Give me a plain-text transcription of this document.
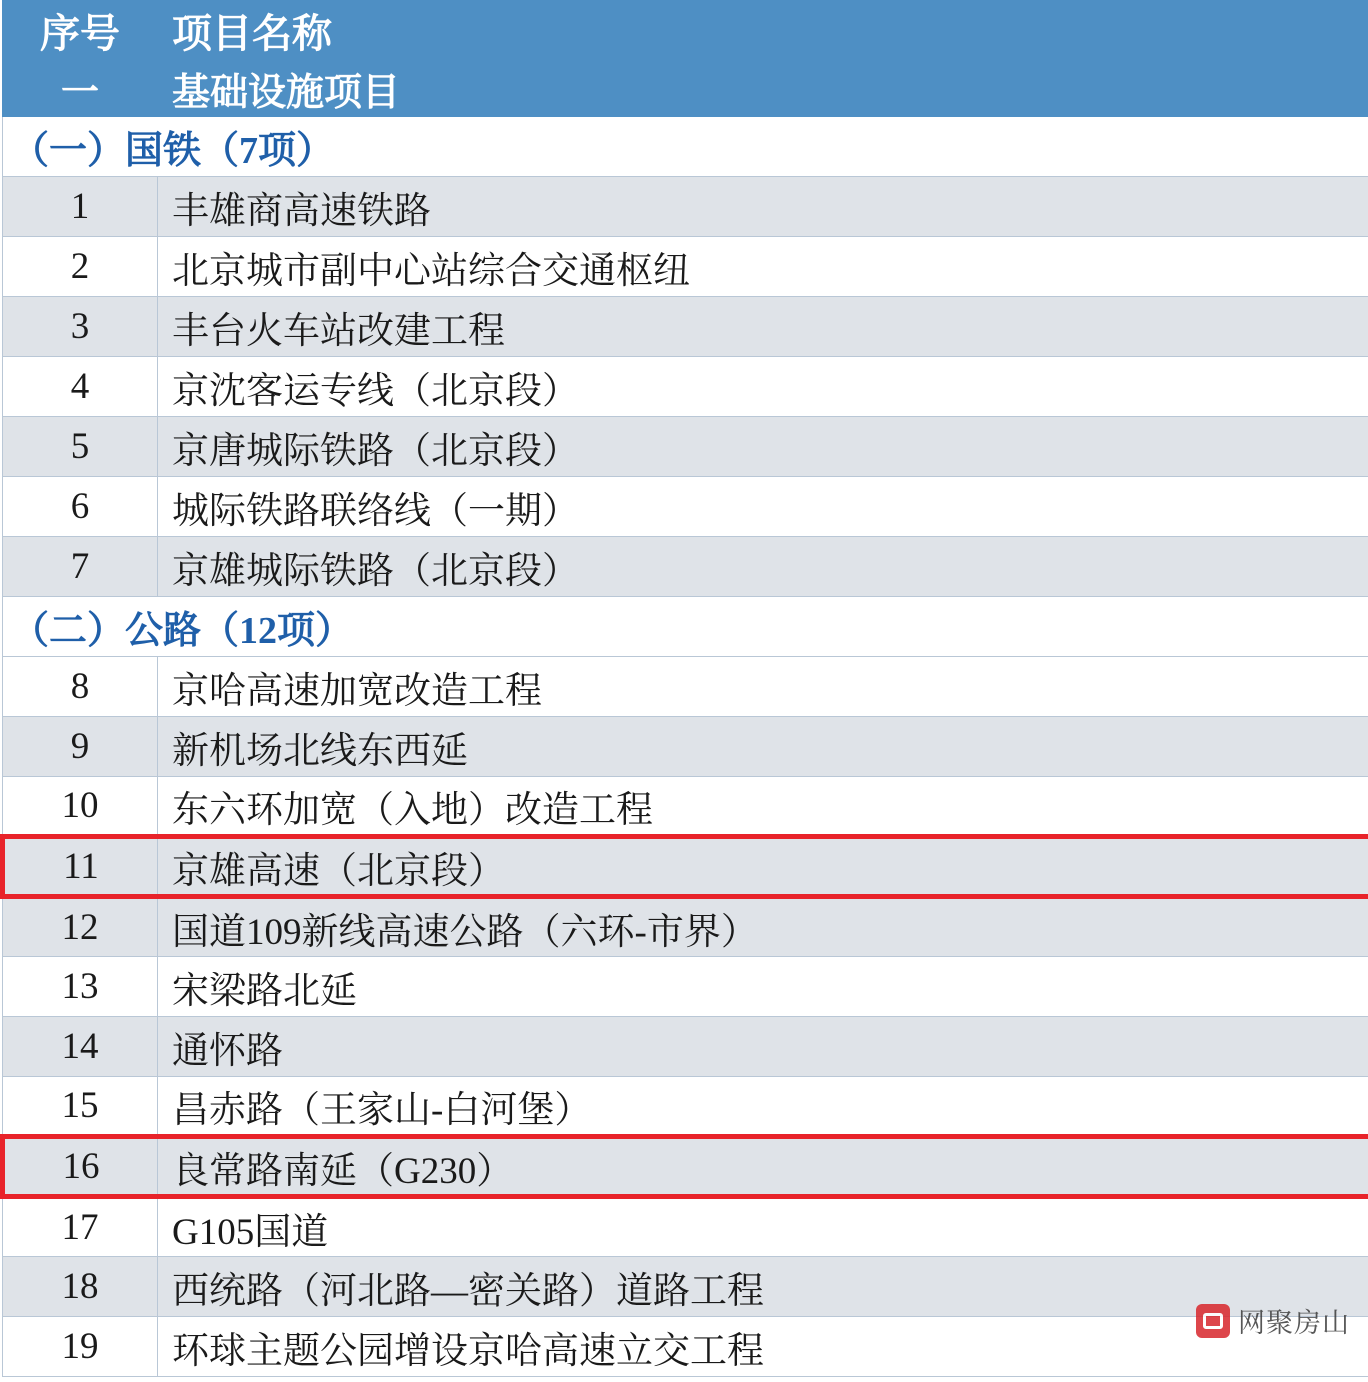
序号	项目名称
一	基础设施项目
（一）国铁（7项）	
1	丰雄商高速铁路
2	北京城市副中心站综合交通枢纽
3	丰台火车站改建工程
4	京沈客运专线（北京段）
5	京唐城际铁路（北京段）
6	城际铁路联络线（一期）
7	京雄城际铁路（北京段）
（二）公路（12项）	
8	京哈高速加宽改造工程
9	新机场北线东西延
10	东六环加宽（入地）改造工程
11	京雄高速（北京段）
12	国道109新线高速公路（六环-市界）
13	宋梁路北延
14	通怀路
15	昌赤路（王家山-白河堡）
16	良常路南延（G230）
17	G105国道
18	西统路（河北路—密关路）道路工程
19	环球主题公园增设京哈高速立交工程
网聚房山
